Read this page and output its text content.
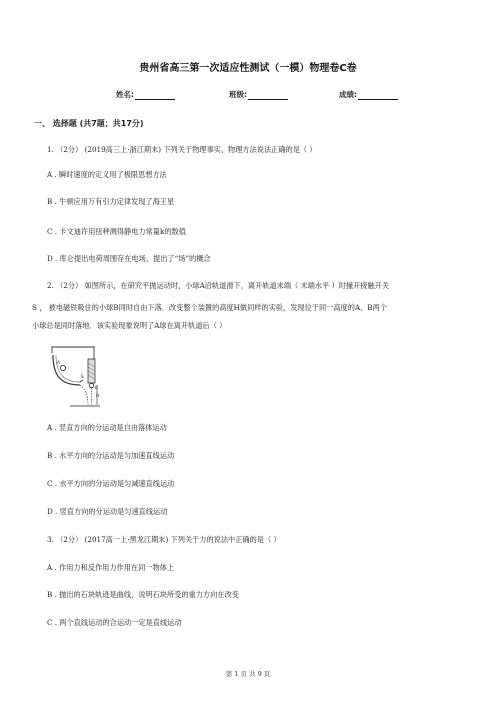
贵州省高三第一次适应性测试（一模）物理卷C卷
姓名:	班级:	成绩:
一、 选择题 (共7题；共17分)
1. （2分） (2019高三上·浙江期末) 下列关于物理事实、物理方法说法正确的是（ ）
A . 瞬时速度的定义用了极限思想方法
B . 牛顿应用万有引力定律发现了海王星
C . 卡文迪许用扭秤测得静电力常量k的数值
D . 库仑提出电荷周围存在电场，提出了“场”的概念
2. （2分） 如图所示，在研究平抛运动时，小球A沿轨道滑下，离开轨道末端（ 末端水平 ）时撞开接触开关
S ， 被电磁铁吸住的小球B同时自由下落．改变整个装置的高度H做同样的实验，发现位于同一高度的A、B两个
小球总是同时落地．该实验现象说明了A球在离开轨道后（ ）
A
S
B
H
A . 竖直方向的分运动是自由落体运动
B . 水平方向的分运动是匀加速直线运动
C . 水平方向的分运动是匀减速直线运动
D . 竖直方向的分运动是匀速直线运动
3. （2分） (2017高一上·黑龙江期末) 下列关于力的说法中正确的是（ ）
A . 作用力和反作用力作用在同一物体上
B . 抛出的石块轨迹是曲线，说明石块所受的重力方向在改变
C . 两个直线运动的合运动一定是直线运动
第 1 页 共 9 页
